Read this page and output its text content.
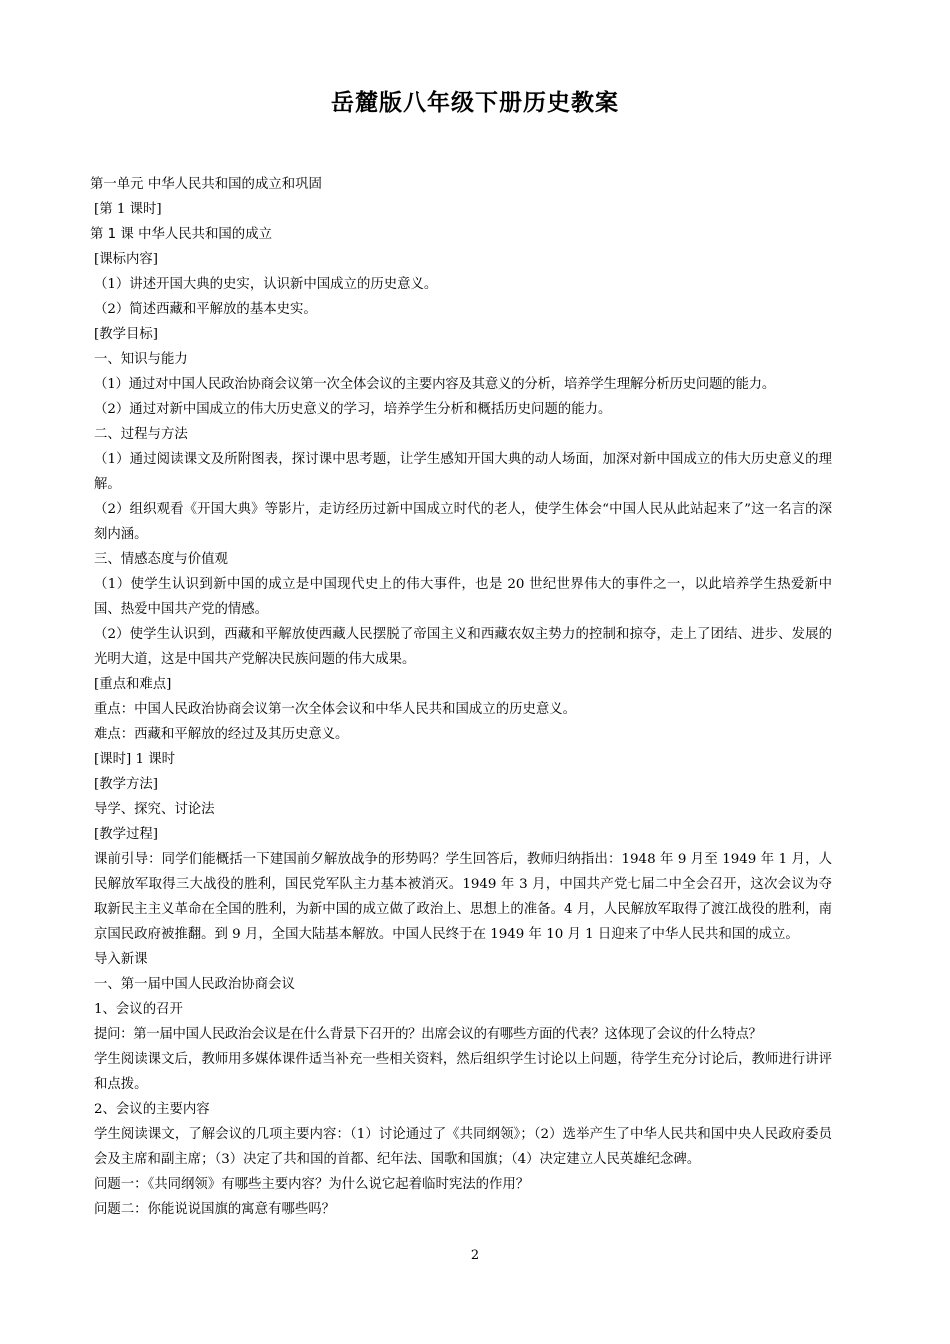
岳麓版八年级下册历史教案

第一单元 中华人民共和国的成立和巩固

[第 1 课时]

第 1 课 中华人民共和国的成立

[课标内容]

（1）讲述开国大典的史实，认识新中国成立的历史意义。

（2）简述西藏和平解放的基本史实。

[教学目标]

一、知识与能力

（1）通过对中国人民政治协商会议第一次全体会议的主要内容及其意义的分析，培养学生理解分析历史问题的能力。

（2）通过对新中国成立的伟大历史意义的学习，培养学生分析和概括历史问题的能力。

二、过程与方法

（1）通过阅读课文及所附图表，探讨课中思考题，让学生感知开国大典的动人场面，加深对新中国成立的伟大历史意义的理解。

（2）组织观看《开国大典》等影片，走访经历过新中国成立时代的老人，使学生体会“中国人民从此站起来了”这一名言的深刻内涵。

三、情感态度与价值观

（1）使学生认识到新中国的成立是中国现代史上的伟大事件，也是 20 世纪世界伟大的事件之一，以此培养学生热爱新中国、热爱中国共产党的情感。

（2）使学生认识到，西藏和平解放使西藏人民摆脱了帝国主义和西藏农奴主势力的控制和掠夺，走上了团结、进步、发展的光明大道，这是中国共产党解决民族问题的伟大成果。

[重点和难点]

重点：中国人民政治协商会议第一次全体会议和中华人民共和国成立的历史意义。

难点：西藏和平解放的经过及其历史意义。

[课时] 1 课时

[教学方法]

导学、探究、讨论法

[教学过程]

课前引导：同学们能概括一下建国前夕解放战争的形势吗？学生回答后，教师归纳指出：1948 年 9 月至 1949 年 1 月，人民解放军取得三大战役的胜利，国民党军队主力基本被消灭。1949 年 3 月，中国共产党七届二中全会召开，这次会议为夺取新民主主义革命在全国的胜利，为新中国的成立做了政治上、思想上的准备。4 月，人民解放军取得了渡江战役的胜利，南京国民政府被推翻。到 9 月，全国大陆基本解放。中国人民终于在 1949 年 10 月 1 日迎来了中华人民共和国的成立。

导入新课

一、第一届中国人民政治协商会议

1、会议的召开

提问：第一届中国人民政治会议是在什么背景下召开的？出席会议的有哪些方面的代表？这体现了会议的什么特点？

学生阅读课文后，教师用多媒体课件适当补充一些相关资料，然后组织学生讨论以上问题，待学生充分讨论后，教师进行讲评和点拨。

2、会议的主要内容

学生阅读课文，了解会议的几项主要内容：（1）讨论通过了《共同纲领》；（2）选举产生了中华人民共和国中央人民政府委员会及主席和副主席；（3）决定了共和国的首都、纪年法、国歌和国旗；（4）决定建立人民英雄纪念碑。

问题一：《共同纲领》有哪些主要内容？为什么说它起着临时宪法的作用？

问题二：你能说说国旗的寓意有哪些吗？

2
